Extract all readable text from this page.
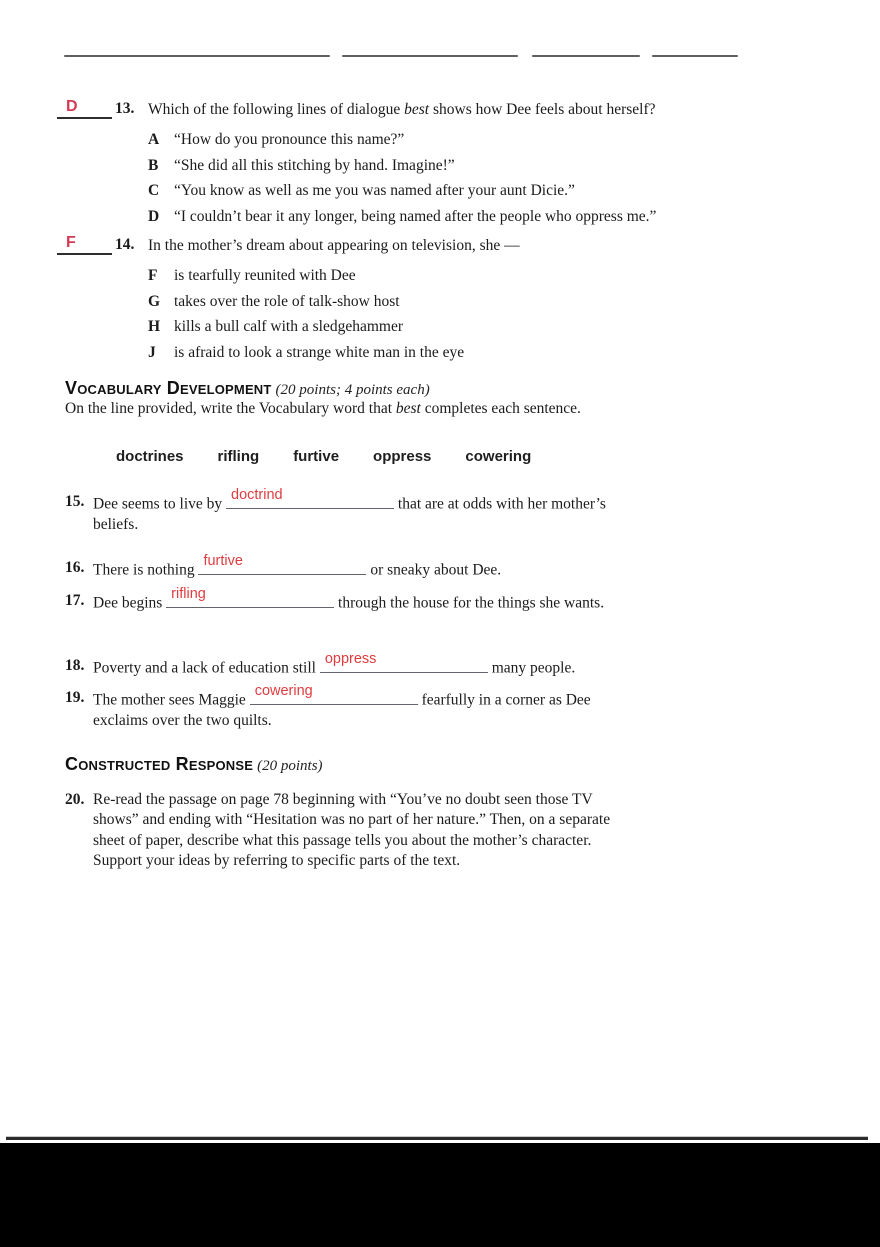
D 13. Which of the following lines of dialogue best shows how Dee feels about herself?

A “How do you pronounce this name?”
B	“She did all this stitching by hand. Imagine!”
C “You know as well as me you was named after your aunt Dicie.”
D “I couldn’t bear it any longer, being named after the people who oppress me.”
F	14. In the mother’s dream about appearing on television, she —

F	is tearfully reunited with Dee
G takes over the role of talk-show host
H kills a bull calf with a sledgehammer
J	is afraid to look a strange white man in the eye
Vocabulary Development (20 points; 4 points each)

On the line provided, write the Vocabulary word that best completes each sentence.

doctrines rifling furtive oppress cowering
15. Dee seems to live by
doctrind
that are at odds with her mother’s beliefs.

16. There is nothing
furtive
or sneaky about Dee.

17. Dee begins
rifling
through the house for the things she wants.

18. Poverty and a lack of education still
oppress
many people.

19. The mother sees Maggie
cowering
fearfully in a corner as Dee exclaims over the two quilts.

Constructed Response (20 points)
20. Re-read the passage on page 78 beginning with “You’ve no doubt seen those TV shows” and ending with “Hesitation was no part of her nature.” Then, on a separate sheet of paper, describe what this passage tells you about the mother’s character. Support your ideas by referring to specific parts of the text.
